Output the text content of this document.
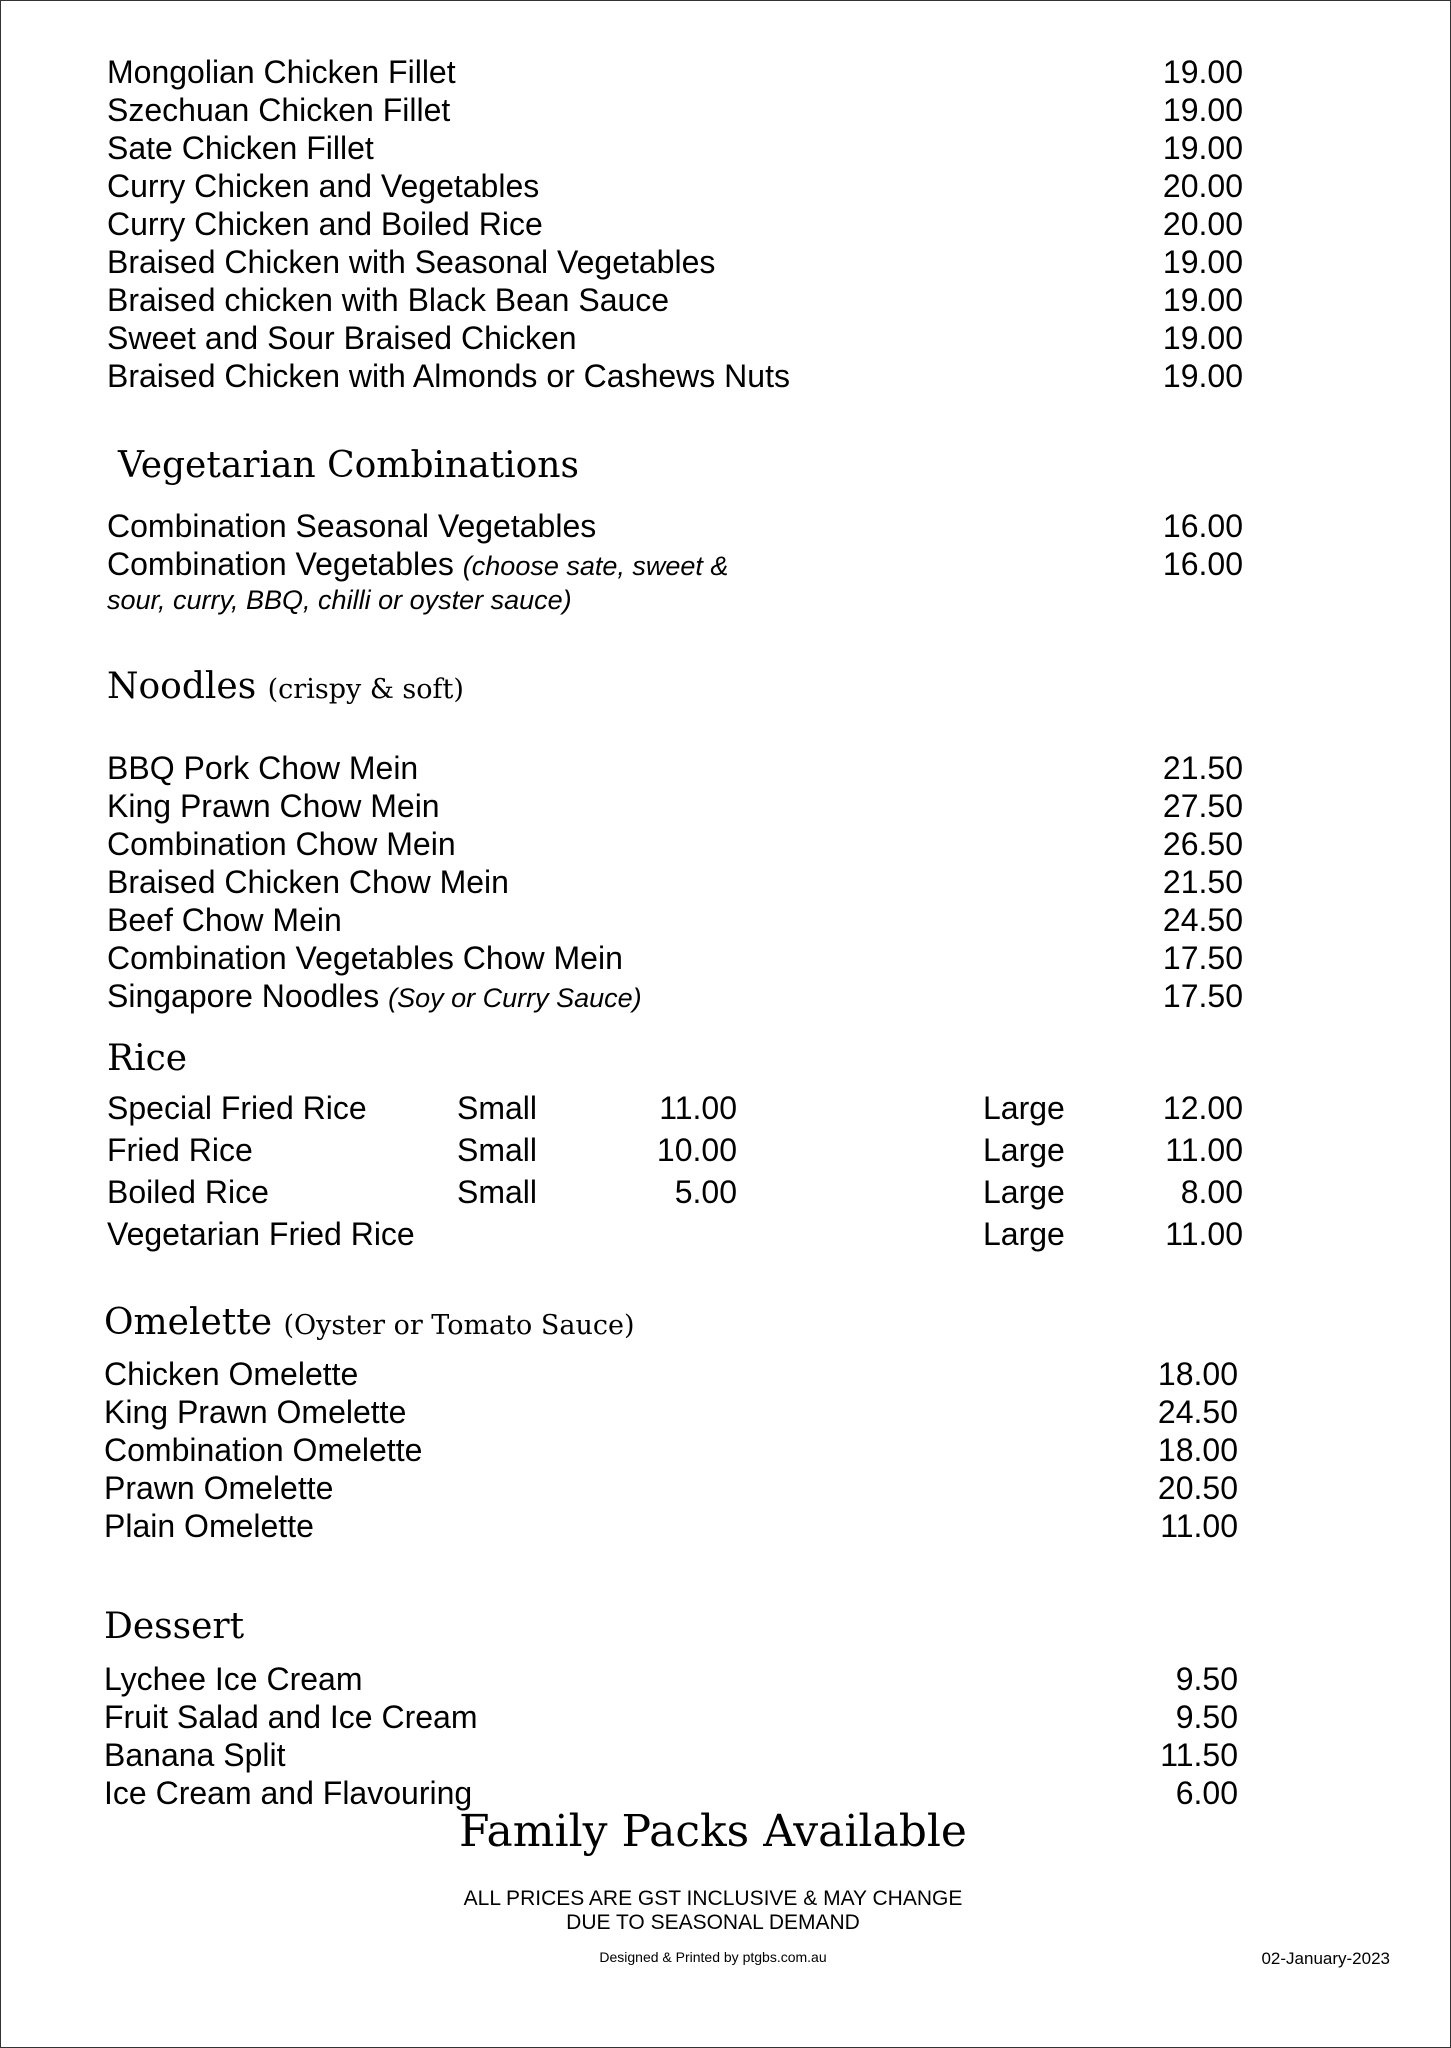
Mongolian Chicken Fillet	19.00
Szechuan Chicken Fillet	19.00
Sate Chicken Fillet	19.00
Curry Chicken and Vegetables	20.00
Curry Chicken and Boiled Rice	20.00
Braised Chicken with Seasonal Vegetables	19.00
Braised chicken with Black Bean Sauce	19.00
Sweet and Sour Braised Chicken	19.00
Braised Chicken with Almonds or Cashews Nuts	19.00
Vegetarian Combinations
Combination Seasonal Vegetables	16.00
Combination Vegetables (choose sate, sweet &	16.00
sour, curry, BBQ, chilli or oyster sauce)
Noodles (crispy & soft)
BBQ Pork Chow Mein	21.50
King Prawn Chow Mein	27.50
Combination Chow Mein	26.50
Braised Chicken Chow Mein	21.50
Beef Chow Mein	24.50
Combination Vegetables Chow Mein	17.50
Singapore Noodles (Soy or Curry Sauce)	17.50
Rice
Special Fried Rice	Small	11.00	Large	12.00
Fried Rice	Small	10.00	Large	11.00
Boiled Rice	Small	5.00	Large	8.00
Vegetarian Fried Rice	Large	11.00
Omelette (Oyster or Tomato Sauce)
Chicken Omelette	18.00
King Prawn Omelette	24.50
Combination Omelette	18.00
Prawn Omelette	20.50
Plain Omelette	11.00
Dessert
Lychee Ice Cream	9.50
Fruit Salad and Ice Cream	9.50
Banana Split	11.50
Ice Cream and Flavouring	6.00
Family Packs Available
ALL PRICES ARE GST INCLUSIVE & MAY CHANGE
DUE TO SEASONAL DEMAND
Designed & Printed by ptgbs.com.au	02-January-2023
